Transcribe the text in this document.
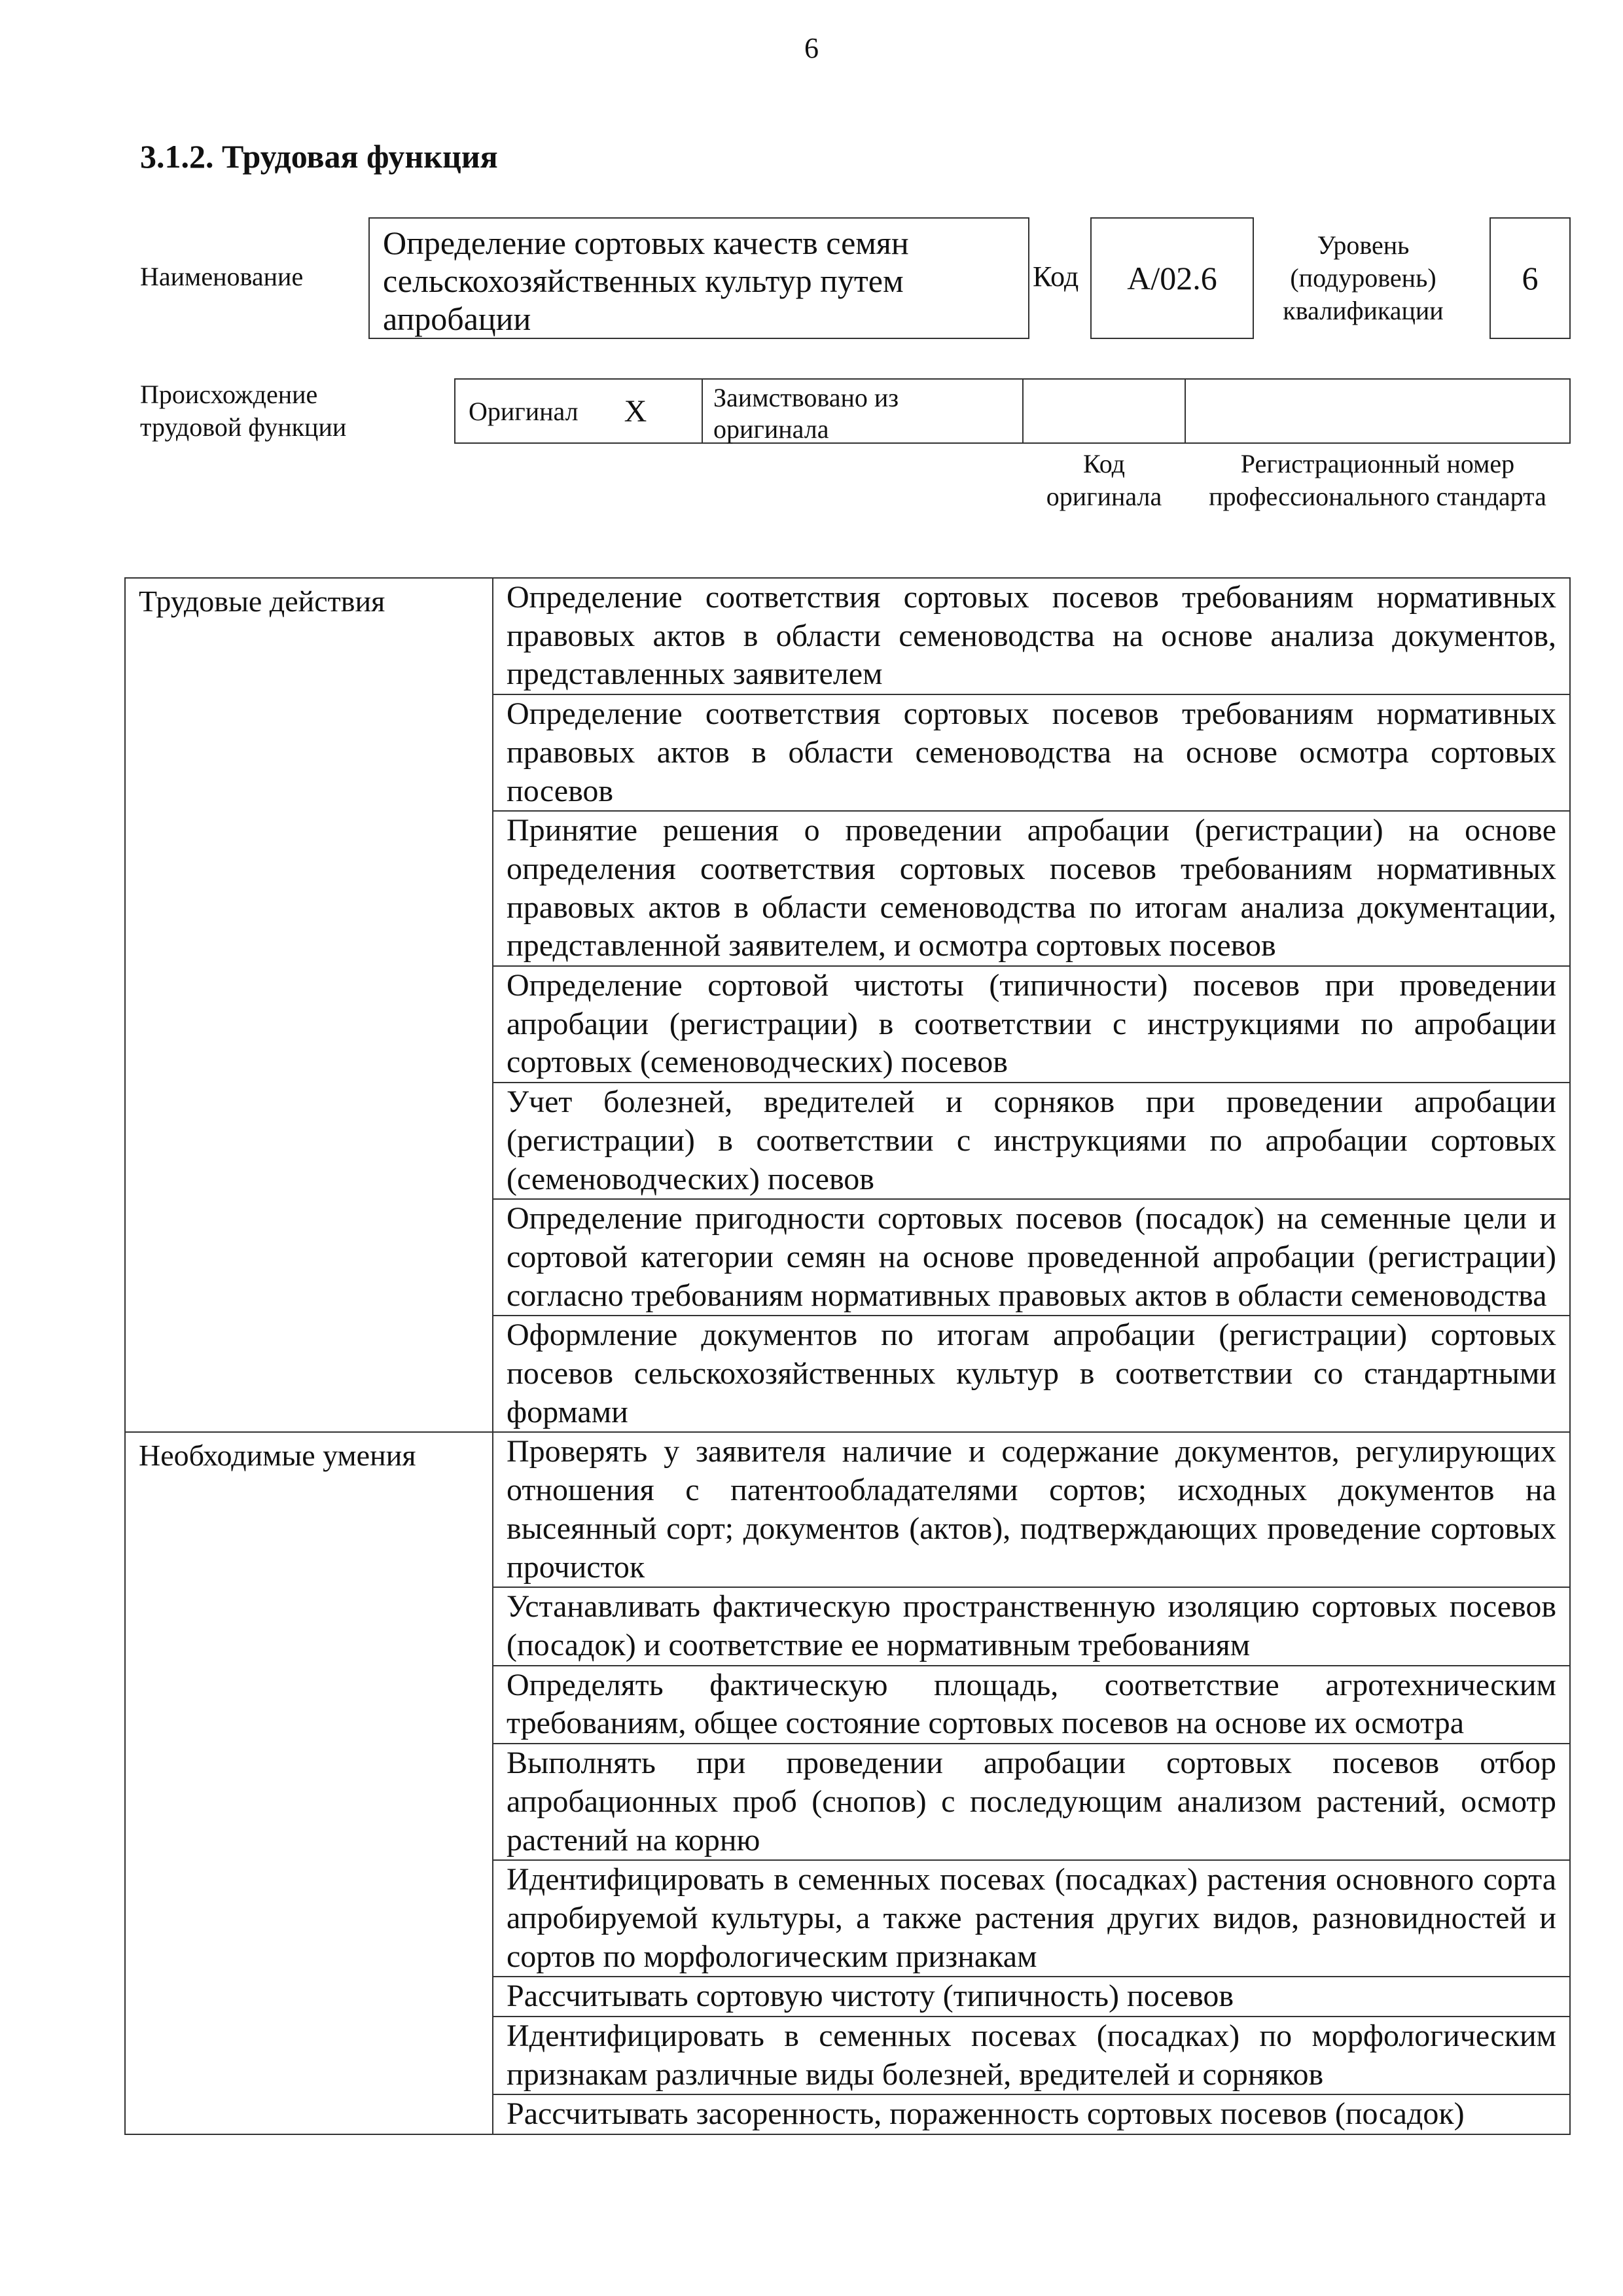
6
3.1.2. Трудовая функция
Наименование
Определение сортовых качеств семян сельскохозяйственных культур путем апробации
Код	А/02.6
Уровень (подуровень) квалификации
6
Происхождение трудовой функции
Оригинал X	Заимствовано из оригинала
Код оригинала
Регистрационный номер профессионального стандарта
Трудовые действия	Определение соответствия сортовых посевов требованиям нормативных правовых актов в области семеноводства на основе анализа документов, представленных заявителем
	Определение соответствия сортовых посевов требованиям нормативных правовых актов в области семеноводства на основе осмотра сортовых посевов
	Принятие решения о проведении апробации (регистрации) на основе определения соответствия сортовых посевов требованиям нормативных правовых актов в области семеноводства по итогам анализа документации, представленной заявителем, и осмотра сортовых посевов
	Определение сортовой чистоты (типичности) посевов при проведении апробации (регистрации) в соответствии с инструкциями по апробации сортовых (семеноводческих) посевов
	Учет болезней, вредителей и сорняков при проведении апробации (регистрации) в соответствии с инструкциями по апробации сортовых (семеноводческих) посевов
	Определение пригодности сортовых посевов (посадок) на семенные цели и сортовой категории семян на основе проведенной апробации (регистрации) согласно требованиям нормативных правовых актов в области семеноводства
	Оформление документов по итогам апробации (регистрации) сортовых посевов сельскохозяйственных культур в соответствии со стандартными формами
Необходимые умения	Проверять у заявителя наличие и содержание документов, регулирующих отношения с патентообладателями сортов; исходных документов на высеянный сорт; документов (актов), подтверждающих проведение сортовых прочисток
	Устанавливать фактическую пространственную изоляцию сортовых посевов (посадок) и соответствие ее нормативным требованиям
	Определять фактическую площадь, соответствие агротехническим требованиям, общее состояние сортовых посевов на основе их осмотра
	Выполнять при проведении апробации сортовых посевов отбор апробационных проб (снопов) с последующим анализом растений, осмотр растений на корню
	Идентифицировать в семенных посевах (посадках) растения основного сорта апробируемой культуры, а также растения других видов, разновидностей и сортов по морфологическим признакам
	Рассчитывать сортовую чистоту (типичность) посевов
	Идентифицировать в семенных посевах (посадках) по морфологическим признакам различные виды болезней, вредителей и сорняков
	Рассчитывать засоренность, пораженность сортовых посевов (посадок)
